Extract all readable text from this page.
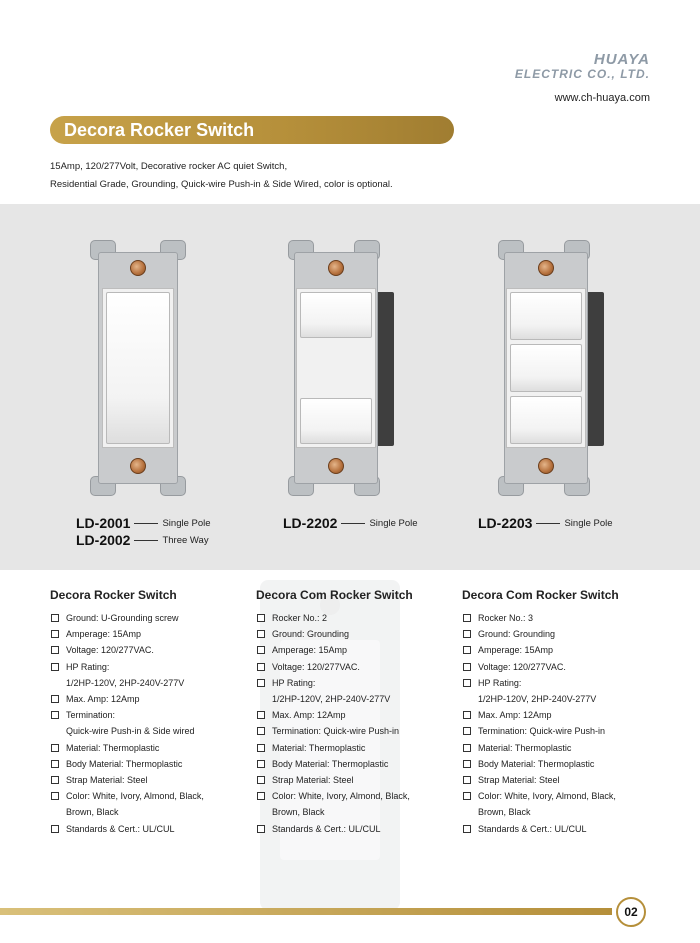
HUAYA
ELECTRIC CO., LTD.
www.ch-huaya.com
Decora Rocker Switch
15Amp, 120/277Volt, Decorative rocker AC quiet Switch,
Residential Grade, Grounding, Quick-wire Push-in & Side Wired, color is optional.
LD-2001	Single Pole
LD-2002	Three Way
LD-2202	Single Pole	LD-2203	Single Pole
Decora Rocker Switch
Ground: U-Grounding screw
Amperage: 15Amp
Voltage: 120/277VAC.
HP Rating:
1/2HP-120V, 2HP-240V-277V
Max. Amp: 12Amp
Termination:
Quick-wire Push-in & Side wired
Material: Thermoplastic
Body Material: Thermoplastic
Strap Material: Steel
Color: White, Ivory, Almond, Black,
Brown, Black
Standards & Cert.: UL/CUL
Decora Com Rocker Switch
Rocker No.: 2
Ground: Grounding
Amperage: 15Amp
Voltage: 120/277VAC.
HP Rating:
1/2HP-120V, 2HP-240V-277V
Max. Amp: 12Amp
Termination: Quick-wire Push-in
Material: Thermoplastic
Body Material: Thermoplastic
Strap Material: Steel
Color: White, Ivory, Almond, Black,
Brown, Black
Standards & Cert.: UL/CUL
Decora Com Rocker Switch
Rocker No.: 3
Ground: Grounding
Amperage: 15Amp
Voltage: 120/277VAC.
HP Rating:
1/2HP-120V, 2HP-240V-277V
Max. Amp: 12Amp
Termination: Quick-wire Push-in
Material: Thermoplastic
Body Material: Thermoplastic
Strap Material: Steel
Color: White, Ivory, Almond, Black,
Brown, Black
Standards & Cert.: UL/CUL
02
